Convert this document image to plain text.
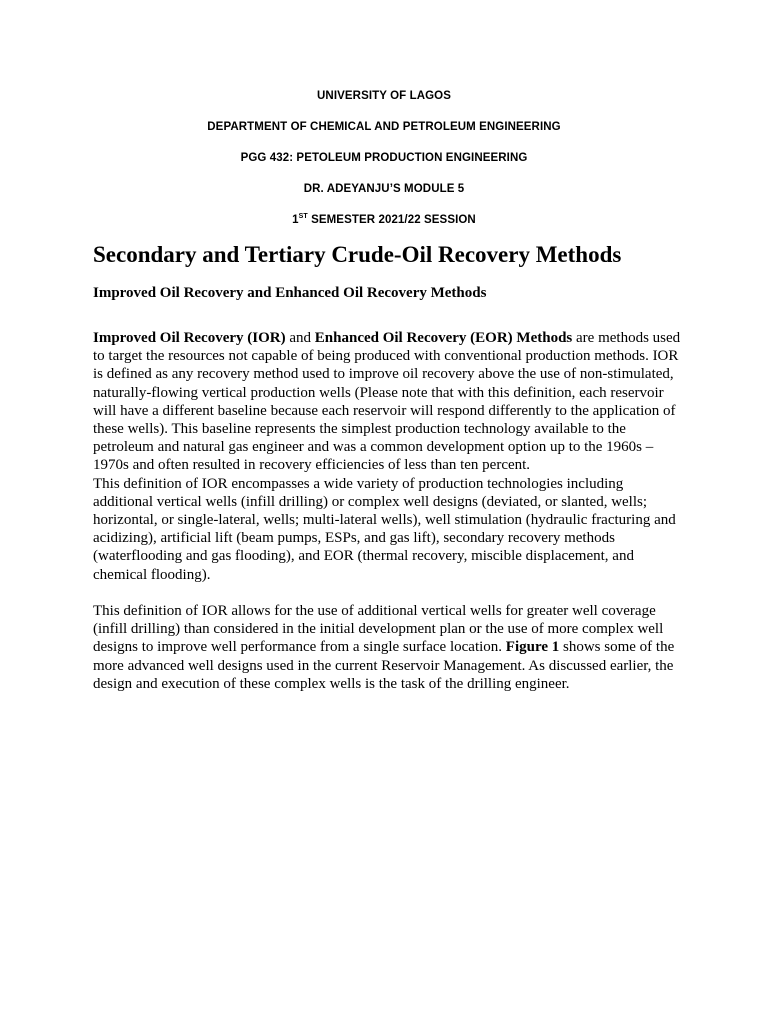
UNIVERSITY OF LAGOS
DEPARTMENT OF CHEMICAL AND PETROLEUM ENGINEERING
PGG 432: PETOLEUM PRODUCTION ENGINEERING
DR. ADEYANJU’S MODULE 5
1ST SEMESTER 2021/22 SESSION
Secondary and Tertiary Crude-Oil Recovery Methods
Improved Oil Recovery and Enhanced Oil Recovery Methods

Improved Oil Recovery (IOR) and Enhanced Oil Recovery (EOR) Methods are methods used to target the resources not capable of being produced with conventional production methods. IOR is defined as any recovery method used to improve oil recovery above the use of non-stimulated, naturally-flowing vertical production wells (Please note that with this definition, each reservoir will have a different baseline because each reservoir will respond differently to the application of these wells). This baseline represents the simplest production technology available to the petroleum and natural gas engineer and was a common development option up to the 1960s – 1970s and often resulted in recovery efficiencies of less than ten percent.

This definition of IOR encompasses a wide variety of production technologies including additional vertical wells (infill drilling) or complex well designs (deviated, or slanted, wells; horizontal, or single-lateral, wells; multi-lateral wells), well stimulation (hydraulic fracturing and acidizing), artificial lift (beam pumps, ESPs, and gas lift), secondary recovery methods (waterflooding and gas flooding), and EOR (thermal recovery, miscible displacement, and chemical flooding).

This definition of IOR allows for the use of additional vertical wells for greater well coverage (infill drilling) than considered in the initial development plan or the use of more complex well designs to improve well performance from a single surface location. Figure 1 shows some of the more advanced well designs used in the current Reservoir Management. As discussed earlier, the design and execution of these complex wells is the task of the drilling engineer.
